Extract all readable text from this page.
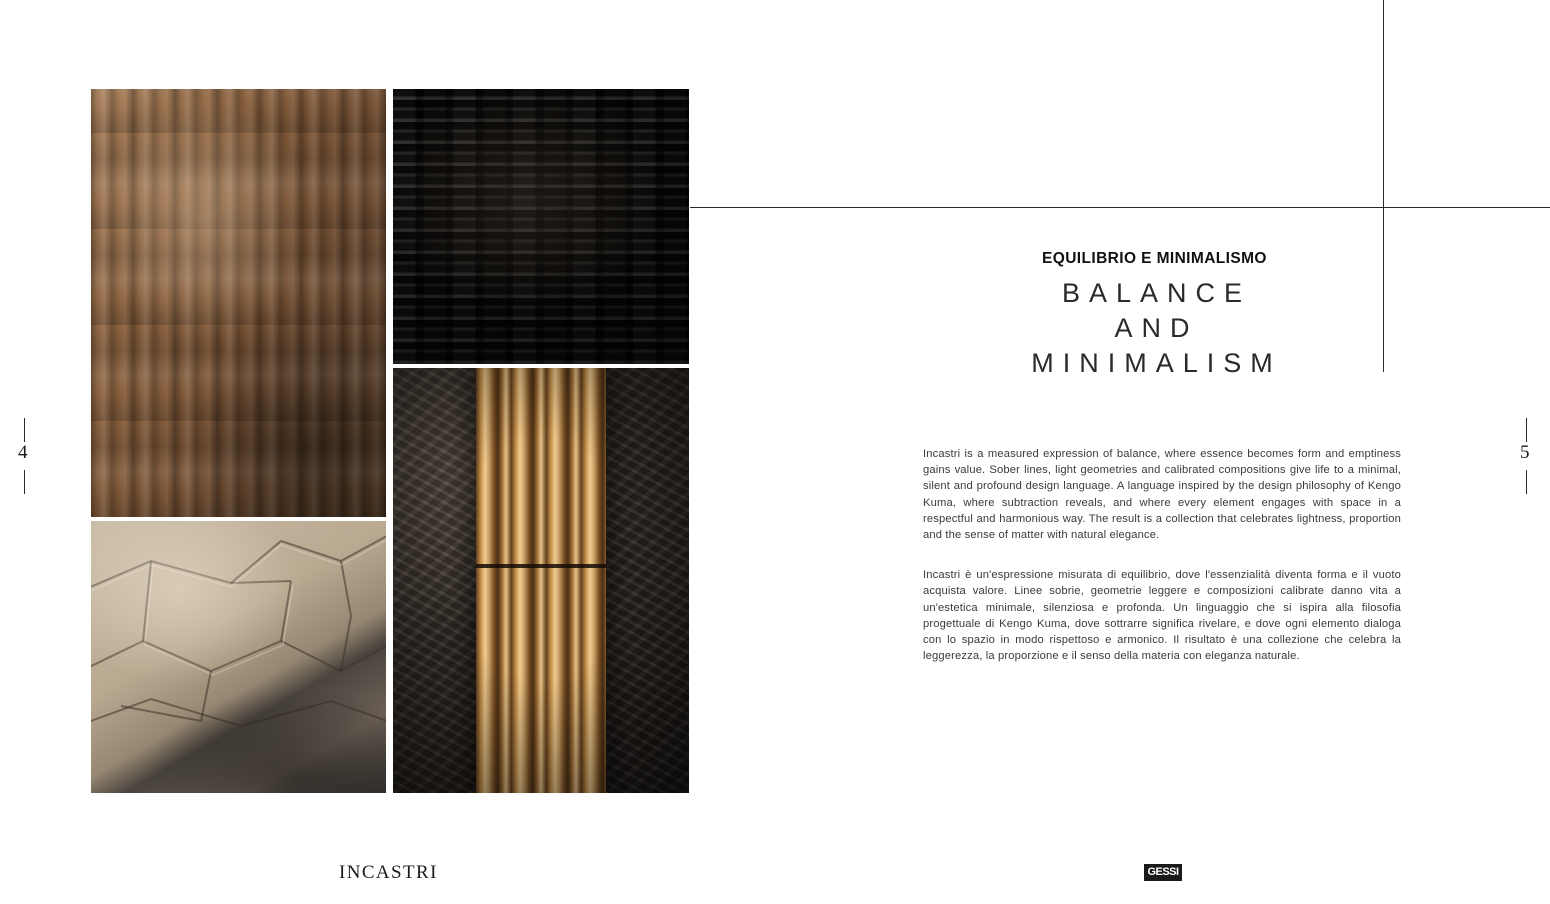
4	5
EQUILIBRIO E MINIMALISMO
BALANCE
AND
MINIMALISM

Incastri is a measured expression of balance, where essence becomes form and emptiness gains value. Sober lines, light geometries and calibrated compositions give life to a minimal, silent and profound design language. A language inspired by the design philosophy of Kengo Kuma, where subtraction reveals, and where every element engages with space in a respectful and harmonious way. The result is a collection that celebrates lightness, proportion and the sense of matter with natural elegance.

Incastri è un'espressione misurata di equilibrio, dove l'essenzialità diventa forma e il vuoto acquista valore. Linee sobrie, geometrie leggere e composizioni calibrate danno vita a un'estetica minimale, silenziosa e profonda. Un linguaggio che si ispira alla filosofia progettuale di Kengo Kuma, dove sottrarre significa rivelare, e dove ogni elemento dialoga con lo spazio in modo rispettoso e armonico. Il risultato è una collezione che celebra la leggerezza, la proporzione e il senso della materia con eleganza naturale.

INCASTRI	GESSI
